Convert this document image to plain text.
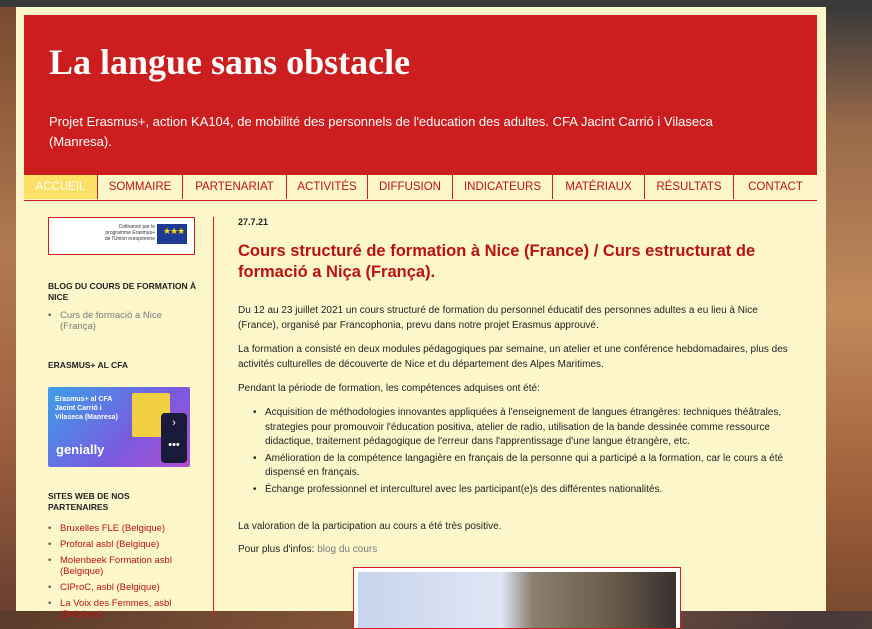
La langue sans obstacle

Projet Erasmus+, action KA104, de mobilité des personnels de l'education des adultes. CFA Jacint Carrió i Vilaseca (Manresa).

ACCUEIL	SOMMAIRE	PARTENARIAT	ACTIVITÉS	DIFFUSION	INDICATEURS	MATÉRIAUX	RÉSULTATS	CONTACT
Cofinancé par le programme Erasmus+ de l'Union européenne
★★★
BLOG DU COURS DE FORMATION À NICE
• Curs de formació a Nice (França)
ERASMUS+ AL CFA
Erasmus+ al CFA Jacint Carrió i Vilaseca (Manresa)
genially
›
•••
SITES WEB DE NOS PARTENAIRES
• Bruxelles FLE (Belgique)
• Proforal asbl (Belgique)
• Molenbeek Formation asbl (Belgique)
• CIProC, asbl (Belgique)
• La Voix des Femmes, asbl (Belgique)
27.7.21
Cours structuré de formation à Nice (France) / Curs estructurat de formació a Niça (França).

Du 12 au 23 juillet 2021 un cours structuré de formation du personnel éducatif des personnes adultes a eu lieu à Nice (France), organisé par Francophonia, prevu dans notre projet Erasmus approuvé.

La formation a consisté en deux modules pédagogiques par semaine, un atelier et une conférence hebdomadaires, plus des activités culturelles de découverte de Nice et du département des Alpes Maritimes.

Pendant la période de formation, les compétences adquises ont été:

• Acquisition de méthodologies innovantes appliquées à l'enseignement de langues étrangères: techniques théâtrales, strategies pour promouvoir l'éducation positiva, atelier de radio, utilisation de la bande dessinée comme ressource didactique, traitement pédagogique de l'erreur dans l'apprentissage d'une langue étrangère, etc.
• Amélioration de la compétence langagière en français de la personne qui a participé a la formation, car le cours a été dispensé en français.
• Échange professionnel et interculturel avec les participant(e)s des différentes nationalités.

La valoration de la participation au cours a été très positive.

Pour plus d'infos: blog du cours
